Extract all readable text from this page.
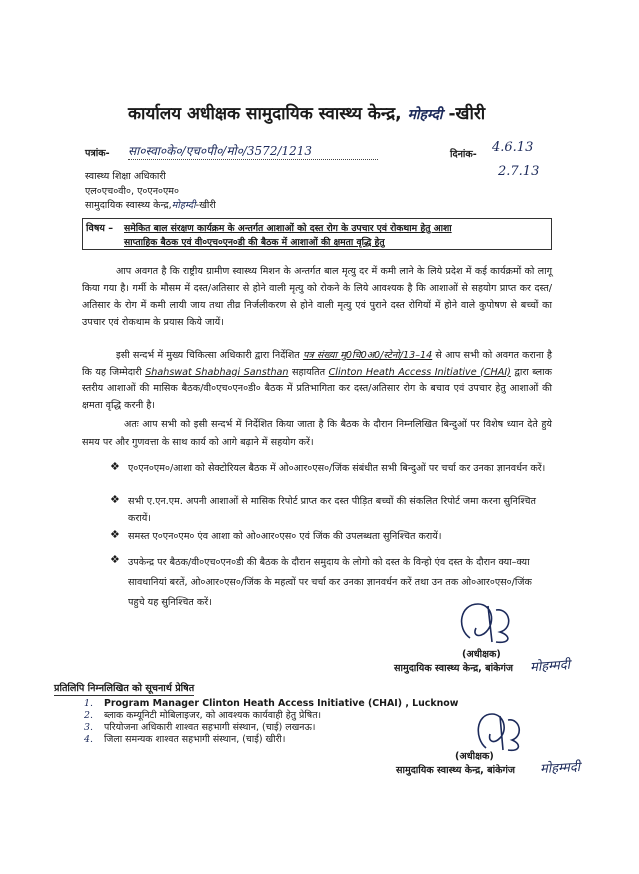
कार्यालय अधीक्षक सामुदायिक स्वास्थ्य केन्द्र, मोहम्दी -खीरी
पत्रांक- सा०स्वा०के०/एच०पी०/मो०/3572/1213	दिनांक- 4.6.13
2.7.13
स्वास्थ्य शिक्षा अधिकारी
एल०एच०वी०, ए०एन०एम०
सामुदायिक स्वास्थ्य केन्द्र,मोहम्दी-खीरी
विषय – समेकित बाल संरक्षण कार्यक्रम के अन्तर्गत आशाओं को दस्त रोग के उपचार एवं रोकथाम हेतु आशा
साप्ताहिक बैठक एवं वी०एच०एन०डी की बैठक में आशाओं की क्षमता वृद्धि हेतु
आप अवगत है कि राष्ट्रीय ग्रामीण स्वास्थ्य मिशन के अन्तर्गत बाल मृत्यु दर में कमी लाने के लिये प्रदेश में कई कार्यक्रमों को लागू किया गया है। गर्मी के मौसम में दस्त/अतिसार से होने वाली मृत्यु को रोकने के लिये आवश्यक है कि आशाओं से सहयोग प्राप्त कर दस्त/अतिसार के रोग में कमी लायी जाय तथा तीव्र निर्जलीकरण से होने वाली मृत्यु एवं पुराने दस्त रोगियों में होने वाले कुपोषण से बच्चों का उपचार एवं रोकथाम के प्रयास किये जायें।
इसी सन्दर्भ में मुख्य चिकित्सा अधिकारी द्वारा निर्देशित पत्र संख्या मु0चि0अ0/स्टेनो/13–14 से आप सभी को अवगत कराना है कि यह जिम्मेदारी Shahswat Shabhagi Sansthan सहायतित Clinton Heath Access Initiative (CHAI) द्वारा ब्लाक स्तरीय आशाओं की मासिक बैठक/वी०एच०एन०डी० बैठक में प्रतिभागिता कर दस्त/अतिसार रोग के बचाव एवं उपचार हेतु आशाओं की क्षमता वृद्धि करनी है।
अतः आप सभी को इसी सन्दर्भ में निर्देशित किया जाता है कि बैठक के दौरान निम्नलिखित बिन्दुओं पर विशेष ध्यान देते हुये समय पर और गुणवत्ता के साथ कार्य को आगे बढ़ाने में सहयोग करें।
❖ ए०एन०एम०/आशा को सेक्टोरियल बैठक में ओ०आर०एस०/जिंक संबंधीत सभी बिन्दुओं पर चर्चा कर उनका ज्ञानवर्धन करें।
❖ सभी ए.एन.एम. अपनी आशाओं से मासिक रिपोर्ट प्राप्त कर दस्त पीड़ित बच्चों की संकलित रिपोर्ट जमा करना सुनिश्चित करायें।
❖ समस्त ए०एन०एम० एंव आशा को ओ०आर०एस० एवं जिंक की उपलब्धता सुनिश्चित करायें।
❖ उपकेन्द्र पर बैठक/वी०एच०एन०डी की बैठक के दौरान समुदाय के लोगो को दस्त के विन्हो एंव दस्त के दौरान क्या–क्या सावधानियां बरतें, ओ०आर०एस०/जिंक के महत्वों पर चर्चा कर उनका ज्ञानवर्धन करें तथा उन तक ओ०आर०एस०/जिंक पहुचे यह सुनिश्चित करें।
(अधीक्षक)
सामुदायिक स्वास्थ्य केन्द्र, बांकेगंज मोहम्मदी
प्रतिलिपि निम्नलिखित को सूचनार्थ प्रेषित
1.	Program Manager Clinton Heath Access Initiative (CHAI) , Lucknow
2.	ब्लाक कम्यूनिटी मोबिलाइजर, को आवश्यक कार्यवाही हेतु प्रेषित।
3.	परियोजना अधिकारी शाश्वत सहभागी संस्थान, (चाई) लखनऊ।
4.	जिला समन्यक शाश्वत सहभागी संस्थान, (चाई) खीरी।
(अधीक्षक)
सामुदायिक स्वास्थ्य केन्द्र, बांकेगंज मोहम्मदी
